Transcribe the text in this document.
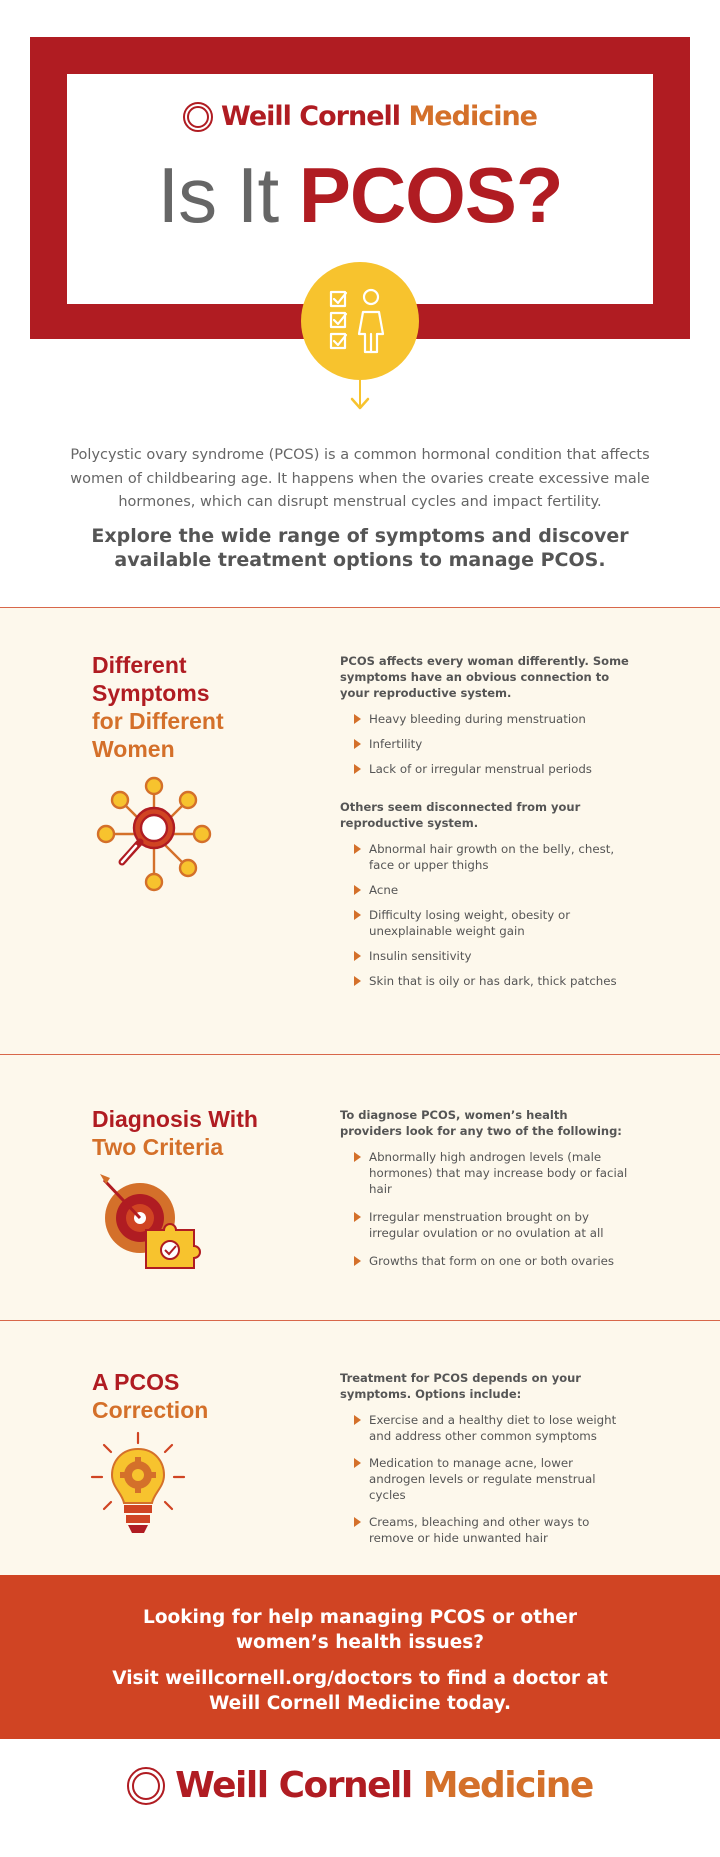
Weill Cornell Medicine
Is It PCOS?

Polycystic ovary syndrome (PCOS) is a common hormonal condition that affects women of childbearing age. It happens when the ovaries create excessive male hormones, which can disrupt menstrual cycles and impact fertility.

Explore the wide range of symptoms and discover available treatment options to manage PCOS.

Different Symptoms
for Different Women

PCOS affects every woman differently. Some symptoms have an obvious connection to your reproductive system.

Heavy bleeding during menstruation
Infertility
Lack of or irregular menstrual periods

Others seem disconnected from your reproductive system.

Abnormal hair growth on the belly, chest, face or upper thighs
Acne
Difficulty losing weight, obesity or unexplainable weight gain
Insulin sensitivity
Skin that is oily or has dark, thick patches
Diagnosis With
Two Criteria

To diagnose PCOS, women’s health providers look for any two of the following:

Abnormally high androgen levels (male hormones) that may increase body or facial hair
Irregular menstruation brought on by irregular ovulation or no ovulation at all
Growths that form on one or both ovaries
A PCOS
Correction

Treatment for PCOS depends on your symptoms. Options include:

Exercise and a healthy diet to lose weight and address other common symptoms
Medication to manage acne, lower androgen levels or regulate menstrual cycles
Creams, bleaching and other ways to remove or hide unwanted hair

Looking for help managing PCOS or other women’s health issues?

Visit weillcornell.org/doctors to find a doctor at Weill Cornell Medicine today.

Weill Cornell Medicine
